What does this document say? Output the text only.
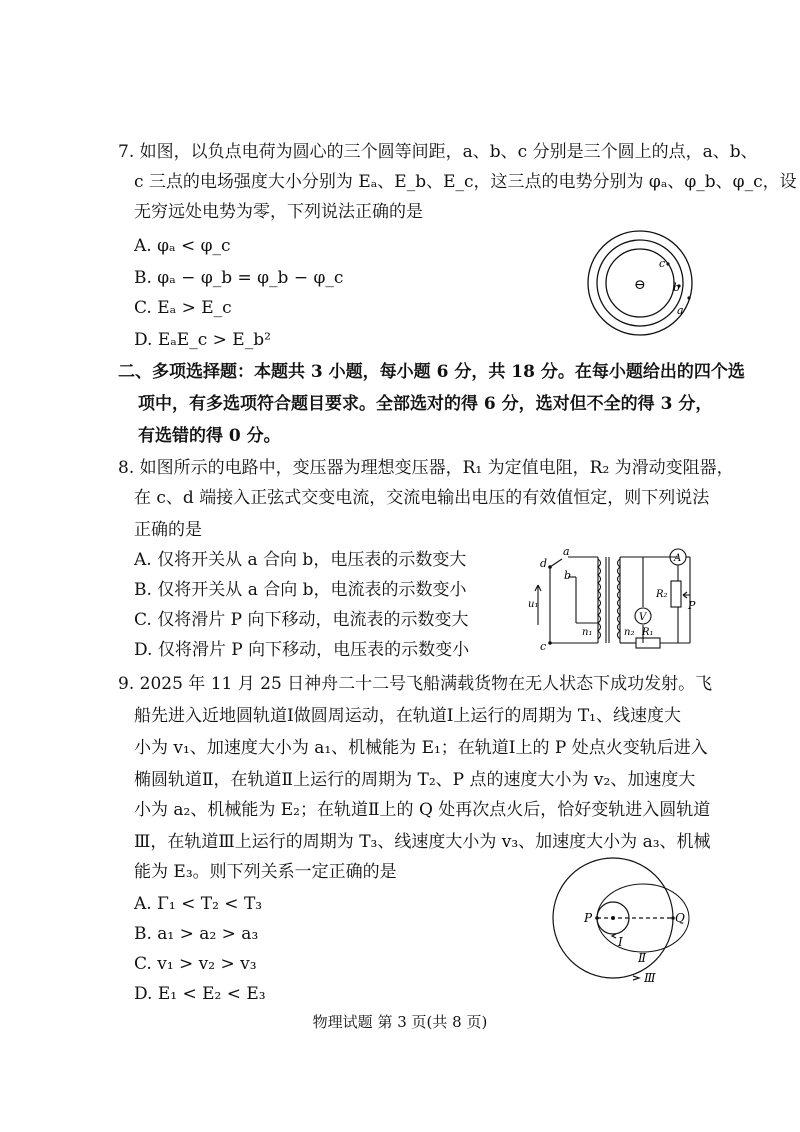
7. 如图，以负点电荷为圆心的三个圆等间距，a、b、c 分别是三个圆上的点，a、b、
c 三点的电场强度大小分别为 Eₐ、E_b、E_c，这三点的电势分别为 φₐ、φ_b、φ_c，设
无穷远处电势为零，下列说法正确的是
A. φₐ < φ_c
B. φₐ − φ_b = φ_b − φ_c
C. Eₐ > E_c
D. EₐE_c > E_b²
⊖
c
b
a
二、多项选择题：本题共 3 小题，每小题 6 分，共 18 分。在每小题给出的四个选
项中，有多选项符合题目要求。全部选对的得 6 分，选对但不全的得 3 分，
有选错的得 0 分。
8. 如图所示的电路中，变压器为理想变压器，R₁ 为定值电阻，R₂ 为滑动变阻器，
在 c、d 端接入正弦式交变电流，交流电输出电压的有效值恒定，则下列说法
正确的是
A. 仅将开关从 a 合向 b，电压表的示数变大
B. 仅将开关从 a 合向 b，电流表的示数变小
C. 仅将滑片 P 向下移动，电流表的示数变大
D. 仅将滑片 P 向下移动，电压表的示数变小
d
a
b
c
u₁
n₁	n₂
A
V
R₂
P
R₁
9. 2025 年 11 月 25 日神舟二十二号飞船满载货物在无人状态下成功发射。飞
船先进入近地圆轨道Ⅰ做圆周运动，在轨道Ⅰ上运行的周期为 T₁、线速度大
小为 v₁、加速度大小为 a₁、机械能为 E₁；在轨道Ⅰ上的 P 处点火变轨后进入
椭圆轨道Ⅱ，在轨道Ⅱ上运行的周期为 T₂、P 点的速度大小为 v₂、加速度大
小为 a₂、机械能为 E₂；在轨道Ⅱ上的 Q 处再次点火后，恰好变轨进入圆轨道
Ⅲ，在轨道Ⅲ上运行的周期为 T₃、线速度大小为 v₃、加速度大小为 a₃、机械
能为 E₃。则下列关系一定正确的是
A. Γ₁ < T₂ < T₃
B. a₁ > a₂ > a₃
C. v₁ > v₂ > v₃
D. E₁ < E₂ < E₃
P	Q
Ⅰ
Ⅱ
Ⅲ
物理试题 第 3 页(共 8 页)
